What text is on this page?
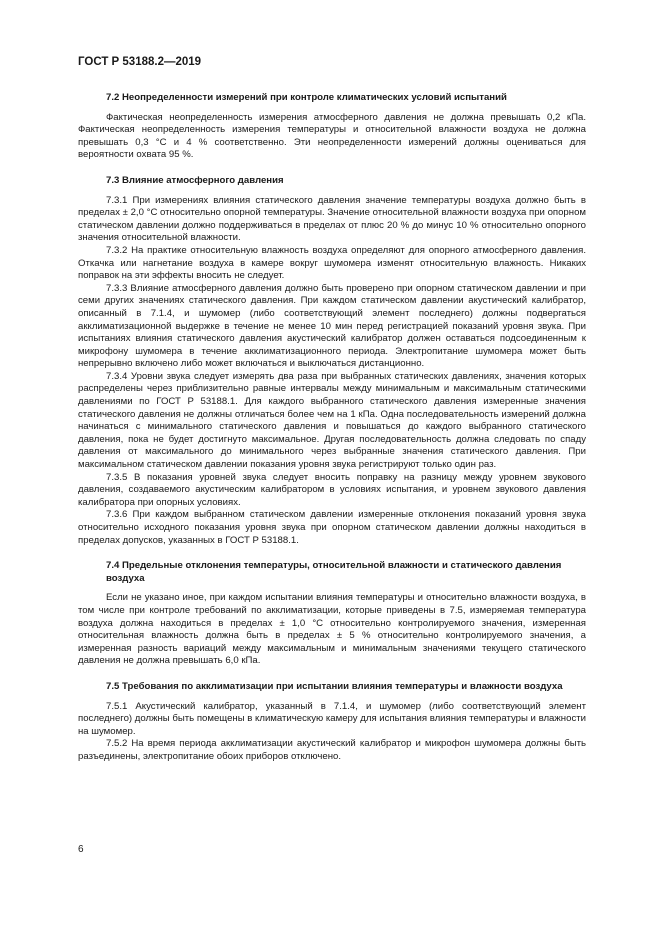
ГОСТ Р 53188.2—2019
7.2 Неопределенности измерений при контроле климатических условий испытаний

Фактическая неопределенность измерения атмосферного давления не должна превышать 0,2 кПа. Фактическая неопределенность измерения температуры и относительной влажности воздуха не должна превышать 0,3 °С и 4 % соответственно. Эти неопределенности измерений должны оцениваться для вероятности охвата 95 %.

7.3 Влияние атмосферного давления

7.3.1 При измерениях влияния статического давления значение температуры воздуха должно быть в пределах ± 2,0 °С относительно опорной температуры. Значение относительной влажности воздуха при опорном статическом давлении должно поддерживаться в пределах от плюс 20 % до минус 10 % относительно опорного значения относительной влажности.

7.3.2 На практике относительную влажность воздуха определяют для опорного атмосферного давления. Откачка или нагнетание воздуха в камере вокруг шумомера изменят относительную влажность. Никаких поправок на эти эффекты вносить не следует.

7.3.3 Влияние атмосферного давления должно быть проверено при опорном статическом давлении и при семи других значениях статического давления. При каждом статическом давлении акустический калибратор, описанный в 7.1.4, и шумомер (либо соответствующий элемент последнего) должны подвергаться акклиматизационной выдержке в течение не менее 10 мин перед регистрацией показаний уровня звука. При испытаниях влияния статического давления акустический калибратор должен оставаться подсоединенным к микрофону шумомера в течение акклиматизационного периода. Электропитание шумомера может быть непрерывно включено либо может включаться и выключаться дистанционно.

7.3.4 Уровни звука следует измерять два раза при выбранных статических давлениях, значения которых распределены через приблизительно равные интервалы между минимальным и максимальным статическими давлениями по ГОСТ Р 53188.1. Для каждого выбранного статического давления измеренные значения статического давления не должны отличаться более чем на 1 кПа. Одна последовательность измерений должна начинаться с минимального статического давления и повышаться до каждого выбранного статического давления, пока не будет достигнуто максимальное. Другая последовательность должна следовать по спаду давления от максимального до минимального через выбранные значения статического давления. При максимальном статическом давлении показания уровня звука регистрируют только один раз.

7.3.5 В показания уровней звука следует вносить поправку на разницу между уровнем звукового давления, создаваемого акустическим калибратором в условиях испытания, и уровнем звукового давления калибратора при опорных условиях.

7.3.6 При каждом выбранном статическом давлении измеренные отклонения показаний уровня звука относительно исходного показания уровня звука при опорном статическом давлении должны находиться в пределах допусков, указанных в ГОСТ Р 53188.1.

7.4 Предельные отклонения температуры, относительной влажности и статического давления воздуха

Если не указано иное, при каждом испытании влияния температуры и относительно влажности воздуха, в том числе при контроле требований по акклиматизации, которые приведены в 7.5, измеряемая температура воздуха должна находиться в пределах ± 1,0 °С относительно контролируемого значения, измеренная относительная влажность должна быть в пределах ± 5 % относительно контролируемого значения, а измеренная разность вариаций между максимальным и минимальным значениями текущего статического давления не должна превышать 6,0 кПа.

7.5 Требования по акклиматизации при испытании влияния температуры и влажности воздуха

7.5.1 Акустический калибратор, указанный в 7.1.4, и шумомер (либо соответствующий элемент последнего) должны быть помещены в климатическую камеру для испытания влияния температуры и влажности на шумомер.

7.5.2 На время периода акклиматизации акустический калибратор и микрофон шумомера должны быть разъединены, электропитание обоих приборов отключено.

6
